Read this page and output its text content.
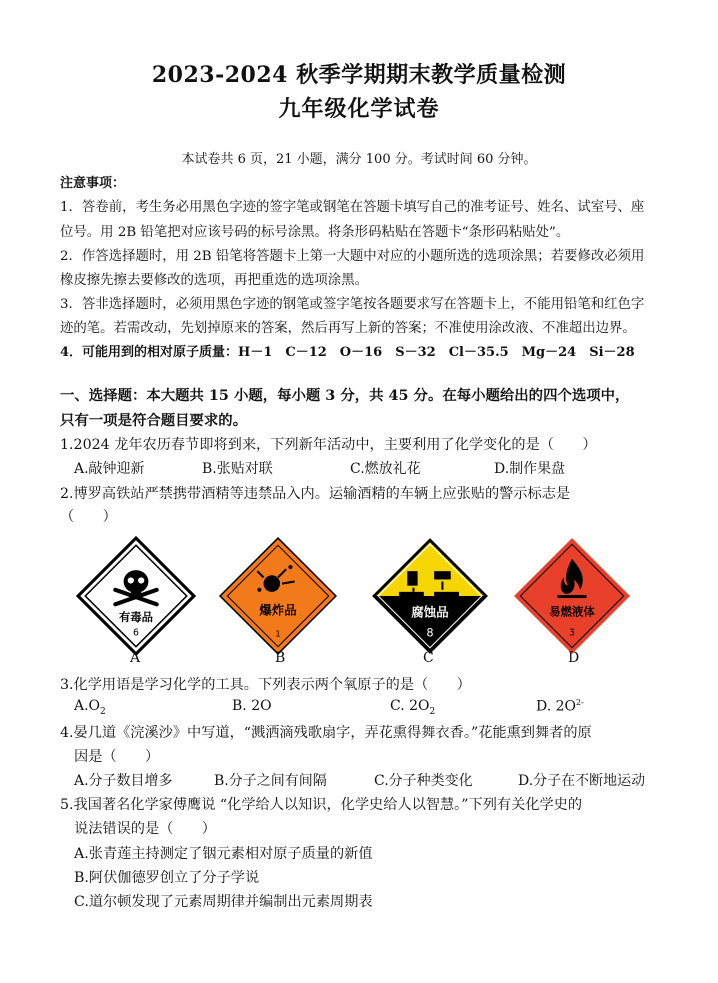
2023-2024 秋季学期期末教学质量检测
九年级化学试卷
本试卷共 6 页，21 小题，满分 100 分。考试时间 60 分钟。
注意事项：
1．答卷前，考生务必用黑色字迹的签字笔或钢笔在答题卡填写自己的准考证号、姓名、试室号、座
位号。用 2B 铅笔把对应该号码的标号涂黑。将条形码粘贴在答题卡“条形码粘贴处”。
2．作答选择题时，用 2B 铅笔将答题卡上第一大题中对应的小题所选的选项涂黑；若要修改必须用
橡皮擦先擦去要修改的选项，再把重选的选项涂黑。
3．答非选择题时，必须用黑色字迹的钢笔或签字笔按各题要求写在答题卡上，不能用铅笔和红色字
迹的笔。若需改动，先划掉原来的答案，然后再写上新的答案；不准使用涂改液、不准超出边界。
4．可能用到的相对原子质量：H－1　C－12　O－16　S－32　Cl－35.5　Mg－24　Si－28
一、选择题：本大题共 15 小题，每小题 3 分，共 45 分。在每小题给出的四个选项中，
只有一项是符合题目要求的。
1.2024 龙年农历春节即将到来，下列新年活动中，主要利用了化学变化的是（　　）
A.敲钟迎新	B.张贴对联	C.燃放礼花	D.制作果盘
2.博罗高铁站严禁携带酒精等违禁品入内。运输酒精的车辆上应张贴的警示标志是
（　　）
有毒品
6
爆炸品
1
腐蚀品
8
易燃液体
3
A	B	C	D
3.化学用语是学习化学的工具。下列表示两个氧原子的是（　　）
$A.O_2$	B. 2O	C. $2O_2$	D. $2O^{2-}$
4.晏几道《浣溪沙》中写道，“溅洒滴残歌扇字，弄花熏得舞衣香。”花能熏到舞者的原
因是（　　）
A.分子数目增多	B.分子之间有间隔	C.分子种类变化	D.分子在不断地运动
5.我国著名化学家傅鹰说 “化学给人以知识，化学史给人以智慧。”下列有关化学史的
说法错误的是（　　）
A.张青莲主持测定了铟元素相对原子质量的新值
B.阿伏伽德罗创立了分子学说
C.道尔顿发现了元素周期律并编制出元素周期表
